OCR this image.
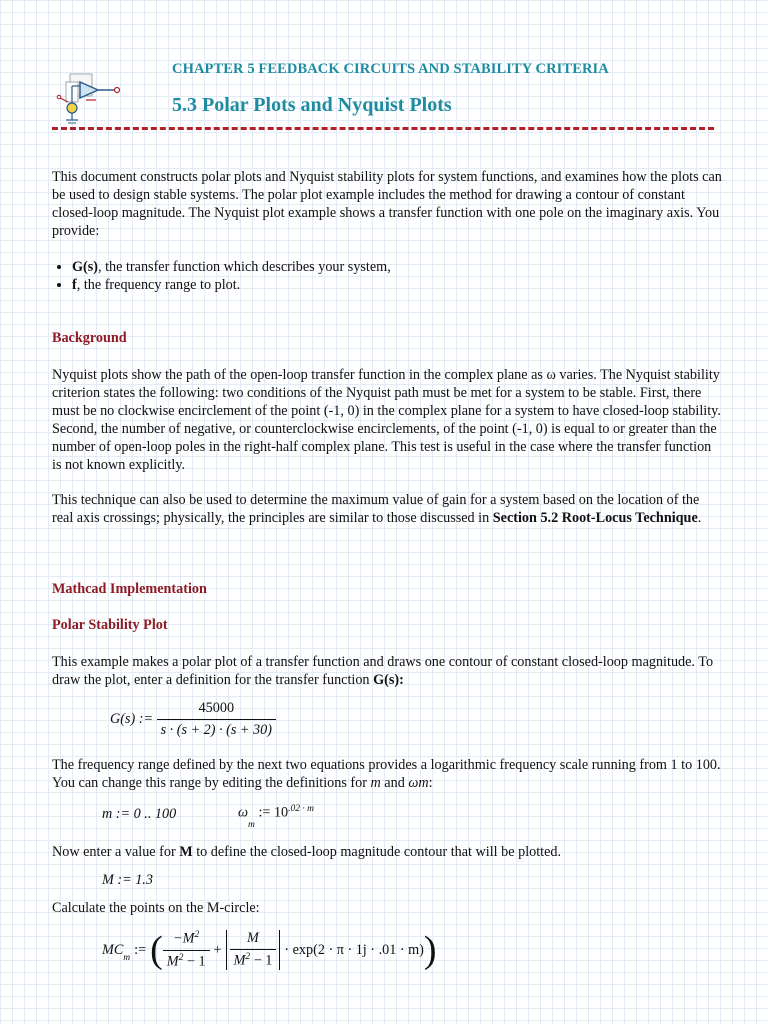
CHAPTER 5 FEEDBACK CIRCUITS AND STABILITY CRITERIA
5.3 Polar Plots and Nyquist Plots
This document constructs polar plots and Nyquist stability plots for system functions, and examines how the plots can be used to design stable systems. The polar plot example includes the method for drawing a contour of constant closed-loop magnitude. The Nyquist plot example shows a transfer function with one pole on the imaginary axis. You provide:
• G(s), the transfer function which describes your system,
• f, the frequency range to plot.
Background
Nyquist plots show the path of the open-loop transfer function in the complex plane as ω varies. The Nyquist stability criterion states the following: two conditions of the Nyquist path must be met for a system to be stable. First, there must be no clockwise encirclement of the point (-1, 0) in the complex plane for a system to have closed-loop stability. Second, the number of negative, or counterclockwise encirclements, of the point (-1, 0) is equal to or greater than the number of open-loop poles in the right-half complex plane. This test is useful in the case where the transfer function is not known explicitly.
This technique can also be used to determine the maximum value of gain for a system based on the location of the real axis crossings; physically, the principles are similar to those discussed in Section 5.2 Root-Locus Technique.
Mathcad Implementation
Polar Stability Plot
This example makes a polar plot of a transfer function and draws one contour of constant closed-loop magnitude. To draw the plot, enter a definition for the transfer function G(s):
G(s) := $\frac{45000}{s \cdot (s + 2) \cdot (s + 30)}$
The frequency range defined by the next two equations provides a logarithmic frequency scale running from 1 to 100. You can change this range by editing the definitions for m and ωm:
m := 0 .. 100	$\omega_m$ := $10^{.02 \cdot m}$
Now enter a value for M to define the closed-loop magnitude contour that will be plotted.
M := 1.3
Calculate the points on the M-circle:
MC
$_m$
:= ( $\frac{-M^2}{M^2 - 1} + \frac{M}{M^2 - 1} \cdot \exp(2 \cdot \pi \cdot 1j \cdot .01 \cdot m)$ )
